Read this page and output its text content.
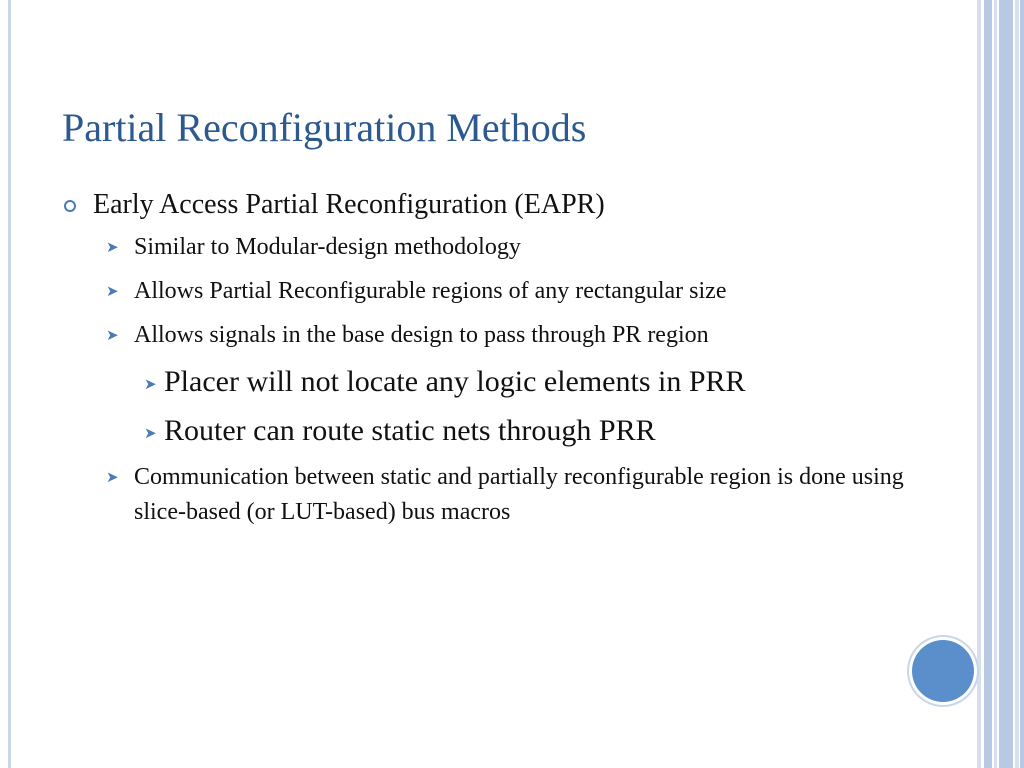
Partial Reconfiguration Methods
Early Access Partial Reconfiguration (EAPR)
➤ Similar to Modular-design methodology
➤ Allows Partial Reconfigurable regions of any rectangular size
➤ Allows signals in the base design to pass through PR region
➤ Placer will not locate any logic elements in PRR
➤ Router can route static nets through PRR
➤ Communication between static and partially reconfigurable region is done using slice-based (or LUT-based) bus macros
